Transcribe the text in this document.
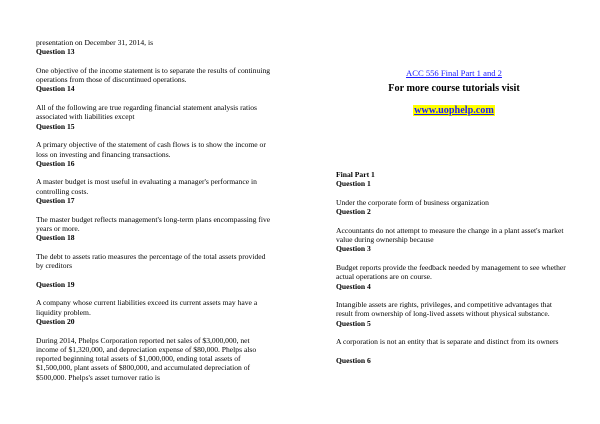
presentation on December 31, 2014, is
Question 13
One objective of the income statement is to separate the results of continuing operations from those of discontinued operations.
Question 14
All of the following are true regarding financial statement analysis ratios associated with liabilities except
Question 15
A primary objective of the statement of cash flows is to show the income or loss on investing and financing transactions.
Question 16
A master budget is most useful in evaluating a manager's performance in controlling costs.
Question 17
The master budget reflects management's long-term plans encompassing five years or more.
Question 18
The debt to assets ratio measures the percentage of the total assets provided by creditors
Question 19
A company whose current liabilities exceed its current assets may have a liquidity problem.
Question 20
During 2014, Phelps Corporation reported net sales of $3,000,000, net income of $1,320,000, and depreciation expense of $80,000. Phelps also reported beginning total assets of $1,000,000, ending total assets of $1,500,000, plant assets of $800,000, and accumulated depreciation of $500,000. Phelps's asset turnover ratio is
ACC 556 Final Part 1 and 2
For more course tutorials visit
www.uophelp.com
Final Part 1
Question 1
Under the corporate form of business organization
Question 2
Accountants do not attempt to measure the change in a plant asset's market value during ownership because
Question 3
Budget reports provide the feedback needed by management to see whether actual operations are on course.
Question 4
Intangible assets are rights, privileges, and competitive advantages that result from ownership of long-lived assets without physical substance.
Question 5
A corporation is not an entity that is separate and distinct from its owners
Question 6
